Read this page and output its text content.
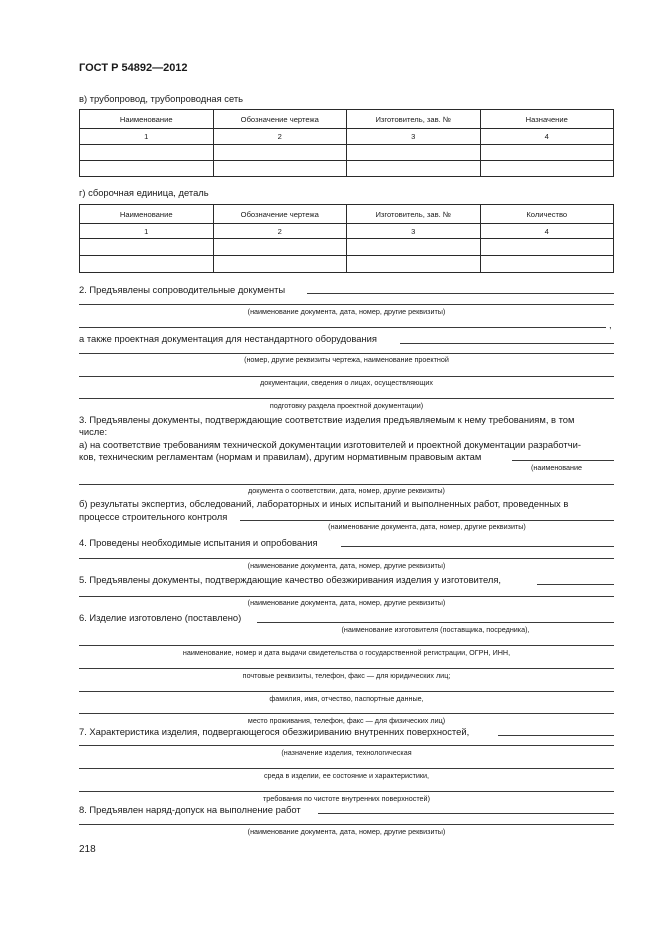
ГОСТ Р 54892—2012
в) трубопровод, трубопроводная сеть
Наименование	Обозначение чертежа	Изготовитель, зав. №	Назначение
1	2	3	4

г) сборочная единица, деталь
Наименование	Обозначение чертежа	Изготовитель, зав. №	Количество
1	2	3	4

2. Предъявлены сопроводительные документы
(наименование документа, дата, номер, другие реквизиты)
,
а также проектная документация для нестандартного оборудования
(номер, другие реквизиты чертежа, наименование проектной
документации, сведения о лицах, осуществляющих
подготовку раздела проектной документации)
3. Предъявлены документы, подтверждающие соответствие изделия предъявляемым к нему требованиям, в том
числе:
а) на соответствие требованиям технической документации изготовителей и проектной документации разработчи-
ков, техническим регламентам (нормам и правилам), другим нормативным правовым актам
(наименование
документа о соответствии, дата, номер, другие реквизиты)
б) результаты экспертиз, обследований, лабораторных и иных испытаний и выполненных работ, проведенных в
процессе строительного контроля
(наименование документа, дата, номер, другие реквизиты)
4. Проведены необходимые испытания и опробования
(наименование документа, дата, номер, другие реквизиты)
5. Предъявлены документы, подтверждающие качество обезжиривания изделия у изготовителя,
(наименование документа, дата, номер, другие реквизиты)
6. Изделие изготовлено (поставлено)
(наименование изготовителя (поставщика, посредника),
наименование, номер и дата выдачи свидетельства о государственной регистрации, ОГРН, ИНН,
почтовые реквизиты, телефон, факс — для юридических лиц;
фамилия, имя, отчество, паспортные данные,
место проживания, телефон, факс — для физических лиц)
7. Характеристика изделия, подвергающегося обезжириванию внутренних поверхностей,
(назначение изделия, технологическая
среда в изделии, ее состояние и характеристики,
требования по чистоте внутренних поверхностей)
8. Предъявлен наряд-допуск на выполнение работ
(наименование документа, дата, номер, другие реквизиты)
218
